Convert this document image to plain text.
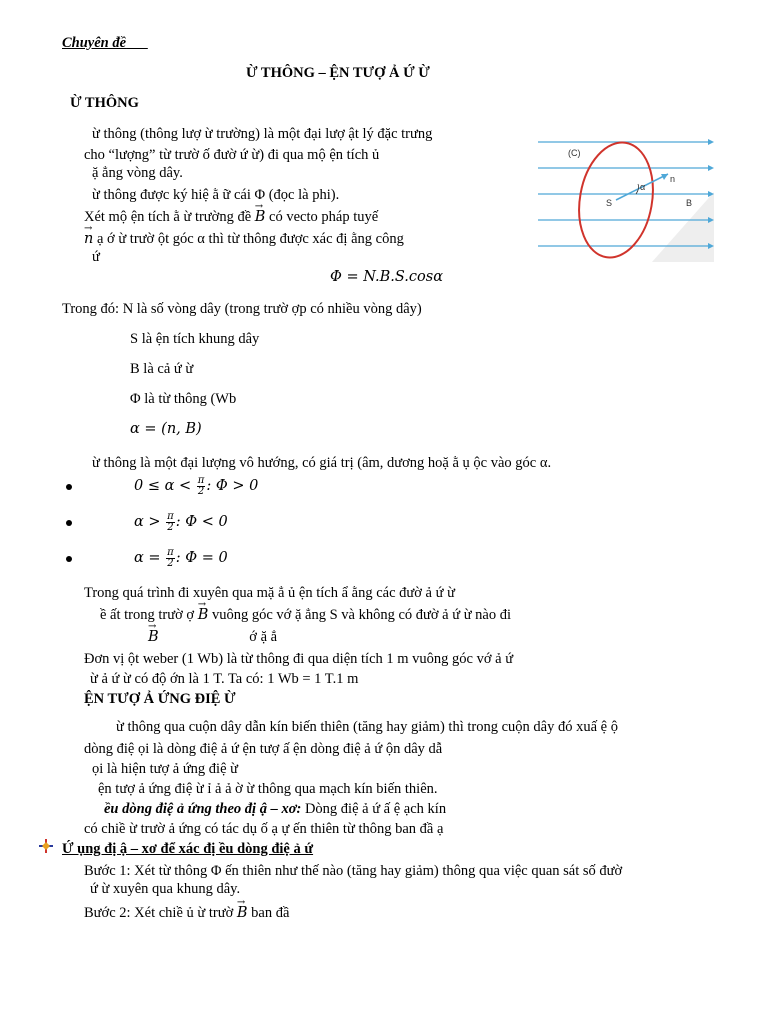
Chuyên đề
Ừ THÔNG – ỆN TƯỢ Ả Ứ Ừ
Ừ THÔNG
ừ thông (thông lượ ừ trường) là một đại lượ ật lý đặc trưng
cho “lượng” từ trườ ố đườ ứ ừ) đi qua mộ ện tích ủ
ặ ẳng vòng dây.
ừ thông được ký hiệ ằ ữ cái Φ (đọc là phi).
Xét mộ ện tích ằ ừ trường đề → B có vecto pháp tuyế
→ n ạ ớ ừ trườ ột góc α thì từ thông được xác đị ằng công
ứ
Φ = N.B.S.cosα
(C)
n
α
S	B
Trong đó: N là số vòng dây (trong trườ ợp có nhiều vòng dây)
S là ện tích khung dây
B là cả ứ ừ
Φ là từ thông (Wb
α = (n, B)
ừ thông là một đại lượng vô hướng, có giá trị (âm, dương hoặ ằ ụ ộc vào góc α.
$0 \le \alpha < \frac{\pi}{2}$ : Φ > 0
$\alpha > \frac{\pi}{2}$ : Φ < 0
$\alpha = \frac{\pi}{2}$ : Φ = 0
Trong quá trình đi xuyên qua mặ ẳ ủ ện tích ẩ ằng các đườ ả ứ ừ
ề ất trong trườ ợ → B vuông góc vớ ặ ẳng S và không có đườ ả ứ ừ nào đi
→ B	ớ ặ ẳ
Đơn vị ột weber (1 Wb) là từ thông đi qua diện tích 1 m vuông góc vớ ả ứ
ừ ả ứ ừ có độ ớn là 1 T. Ta có: 1 Wb = 1 T.1 m
ỆN TƯỢ Ả ỨNG ĐIỆ Ừ
ừ thông qua cuộn dây dẫn kín biến thiên (tăng hay giảm) thì trong cuộn dây đó xuấ ệ ộ
dòng điệ ọi là dòng điệ ả ứ ện tượ ấ ện dòng điệ ả ứ ộn dây dẫ
ọi là hiện tượ ả ứng điệ ừ
ện tượ ả ứng điệ ừ ỉ ả ả ờ ừ thông qua mạch kín biến thiên.
ều dòng điệ ả ứng theo đị ậ – xơ: Dòng điệ ả ứ ấ ệ ạch kín
có chiề ừ trườ ả ứng có tác dụ ố ạ ự ến thiên từ thông ban đầ ạ
Ứ ụng đị ậ – xơ để xác đị ều dòng điệ ả ứ
Bước 1: Xét từ thông Φ ến thiên như thế nào (tăng hay giảm) thông qua việc quan sát số đườ
ứ ừ xuyên qua khung dây.
Bước 2: Xét chiề ủ ừ trườ → B ban đầ
